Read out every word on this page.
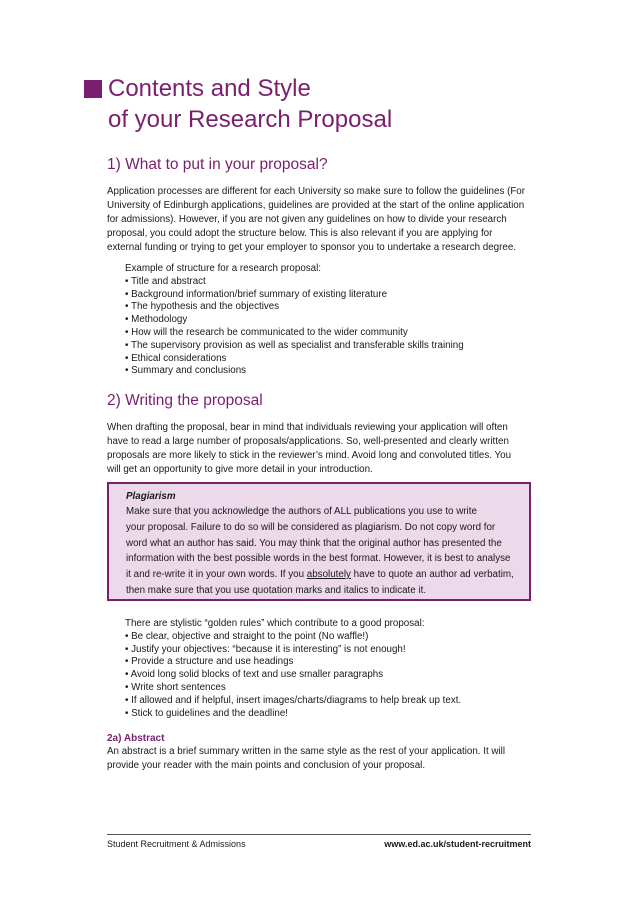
Contents and Style
of your Research Proposal
1) What to put in your proposal?

Application processes are different for each University so make sure to follow the guidelines (For

University of Edinburgh applications, guidelines are provided at the start of the online application

for admissions). However, if you are not given any guidelines on how to divide your research

proposal, you could adopt the structure below. This is also relevant if you are applying for

external funding or trying to get your employer to sponsor you to undertake a research degree.

Example of structure for a research proposal:
• Title and abstract
• Background information/brief summary of existing literature
• The hypothesis and the objectives
• Methodology
• How will the research be communicated to the wider community
• The supervisory provision as well as specialist and transferable skills training
• Ethical considerations
• Summary and conclusions
2) Writing the proposal

When drafting the proposal, bear in mind that individuals reviewing your application will often

have to read a large number of proposals/applications. So, well-presented and clearly written

proposals are more likely to stick in the reviewer’s mind. Avoid long and convoluted titles. You

will get an opportunity to give more detail in your introduction.

Plagiarism
Make sure that you acknowledge the authors of ALL publications you use to write
your proposal. Failure to do so will be considered as plagiarism. Do not copy word for
word what an author has said. You may think that the original author has presented the
information with the best possible words in the best format. However, it is best to analyse
it and re-write it in your own words. If you absolutely have to quote an author ad verbatim,
then make sure that you use quotation marks and italics to indicate it.
There are stylistic “golden rules” which contribute to a good proposal:
• Be clear, objective and straight to the point (No waffle!)
• Justify your objectives: “because it is interesting” is not enough!
• Provide a structure and use headings
• Avoid long solid blocks of text and use smaller paragraphs
• Write short sentences
• If allowed and if helpful, insert images/charts/diagrams to help break up text.
• Stick to guidelines and the deadline!
2a) Abstract

An abstract is a brief summary written in the same style as the rest of your application. It will

provide your reader with the main points and conclusion of your proposal.

Student Recruitment & Admissions	www.ed.ac.uk/student-recruitment
